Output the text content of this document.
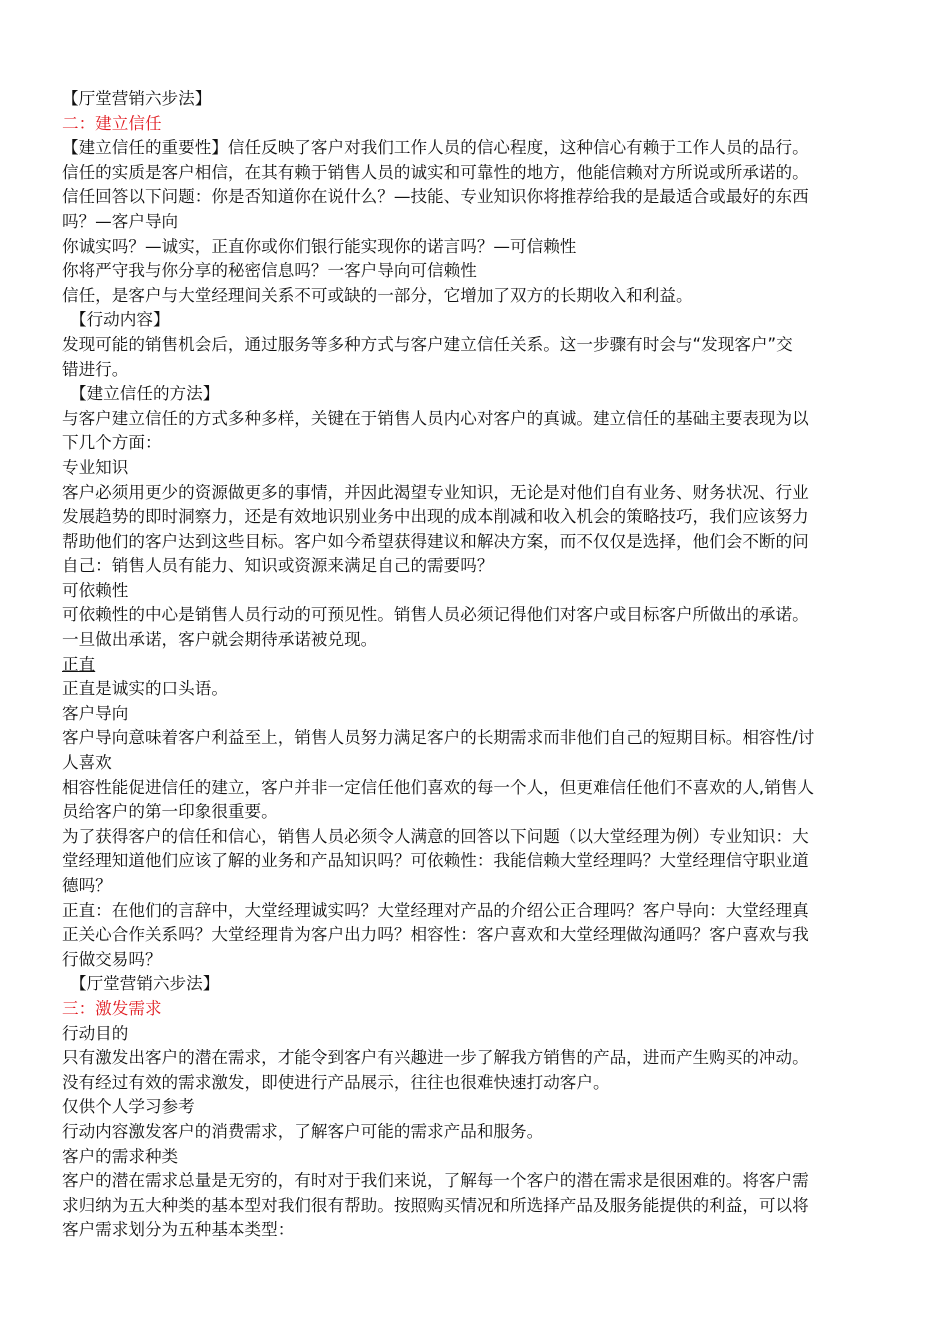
【厅堂营销六步法】
二：建立信任
【建立信任的重要性】信任反映了客户对我们工作人员的信心程度，这种信心有赖于工作人员的品行。
信任的实质是客户相信，在其有赖于销售人员的诚实和可靠性的地方，他能信赖对方所说或所承诺的。
信任回答以下问题：你是否知道你在说什么？—技能、专业知识你将推荐给我的是最适合或最好的东西
吗？—客户导向
你诚实吗？—诚实，正直你或你们银行能实现你的诺言吗？—可信赖性
你将严守我与你分享的秘密信息吗？一客户导向可信赖性
信任，是客户与大堂经理间关系不可或缺的一部分，它增加了双方的长期收入和利益。
【行动内容】
发现可能的销售机会后，通过服务等多种方式与客户建立信任关系。这一步骤有时会与“发现客户”交
错进行。
【建立信任的方法】
与客户建立信任的方式多种多样，关键在于销售人员内心对客户的真诚。建立信任的基础主要表现为以
下几个方面：
专业知识
客户必须用更少的资源做更多的事情，并因此渴望专业知识，无论是对他们自有业务、财务状况、行业
发展趋势的即时洞察力，还是有效地识别业务中出现的成本削减和收入机会的策略技巧，我们应该努力
帮助他们的客户达到这些目标。客户如今希望获得建议和解决方案，而不仅仅是选择，他们会不断的问
自己：销售人员有能力、知识或资源来满足自己的需要吗？
可依赖性
可依赖性的中心是销售人员行动的可预见性。销售人员必须记得他们对客户或目标客户所做出的承诺。
一旦做出承诺，客户就会期待承诺被兑现。
正直
正直是诚实的口头语。
客户导向
客户导向意味着客户利益至上，销售人员努力满足客户的长期需求而非他们自己的短期目标。相容性/讨
人喜欢
相容性能促进信任的建立，客户并非一定信任他们喜欢的每一个人，但更难信任他们不喜欢的人,销售人
员给客户的第一印象很重要。
为了获得客户的信任和信心，销售人员必须令人满意的回答以下问题（以大堂经理为例）专业知识：大
堂经理知道他们应该了解的业务和产品知识吗？可依赖性：我能信赖大堂经理吗？大堂经理信守职业道
德吗？
正直：在他们的言辞中，大堂经理诚实吗？大堂经理对产品的介绍公正合理吗？客户导向：大堂经理真
正关心合作关系吗？大堂经理肯为客户出力吗？相容性：客户喜欢和大堂经理做沟通吗？客户喜欢与我
行做交易吗？
【厅堂营销六步法】
三：激发需求
行动目的
只有激发出客户的潜在需求，才能令到客户有兴趣进一步了解我方销售的产品，进而产生购买的冲动。
没有经过有效的需求激发，即使进行产品展示，往往也很难快速打动客户。
仅供个人学习参考
行动内容激发客户的消费需求，了解客户可能的需求产品和服务。
客户的需求种类
客户的潜在需求总量是无穷的，有时对于我们来说，了解每一个客户的潜在需求是很困难的。将客户需
求归纳为五大种类的基本型对我们很有帮助。按照购买情况和所选择产品及服务能提供的利益，可以将
客户需求划分为五种基本类型：
